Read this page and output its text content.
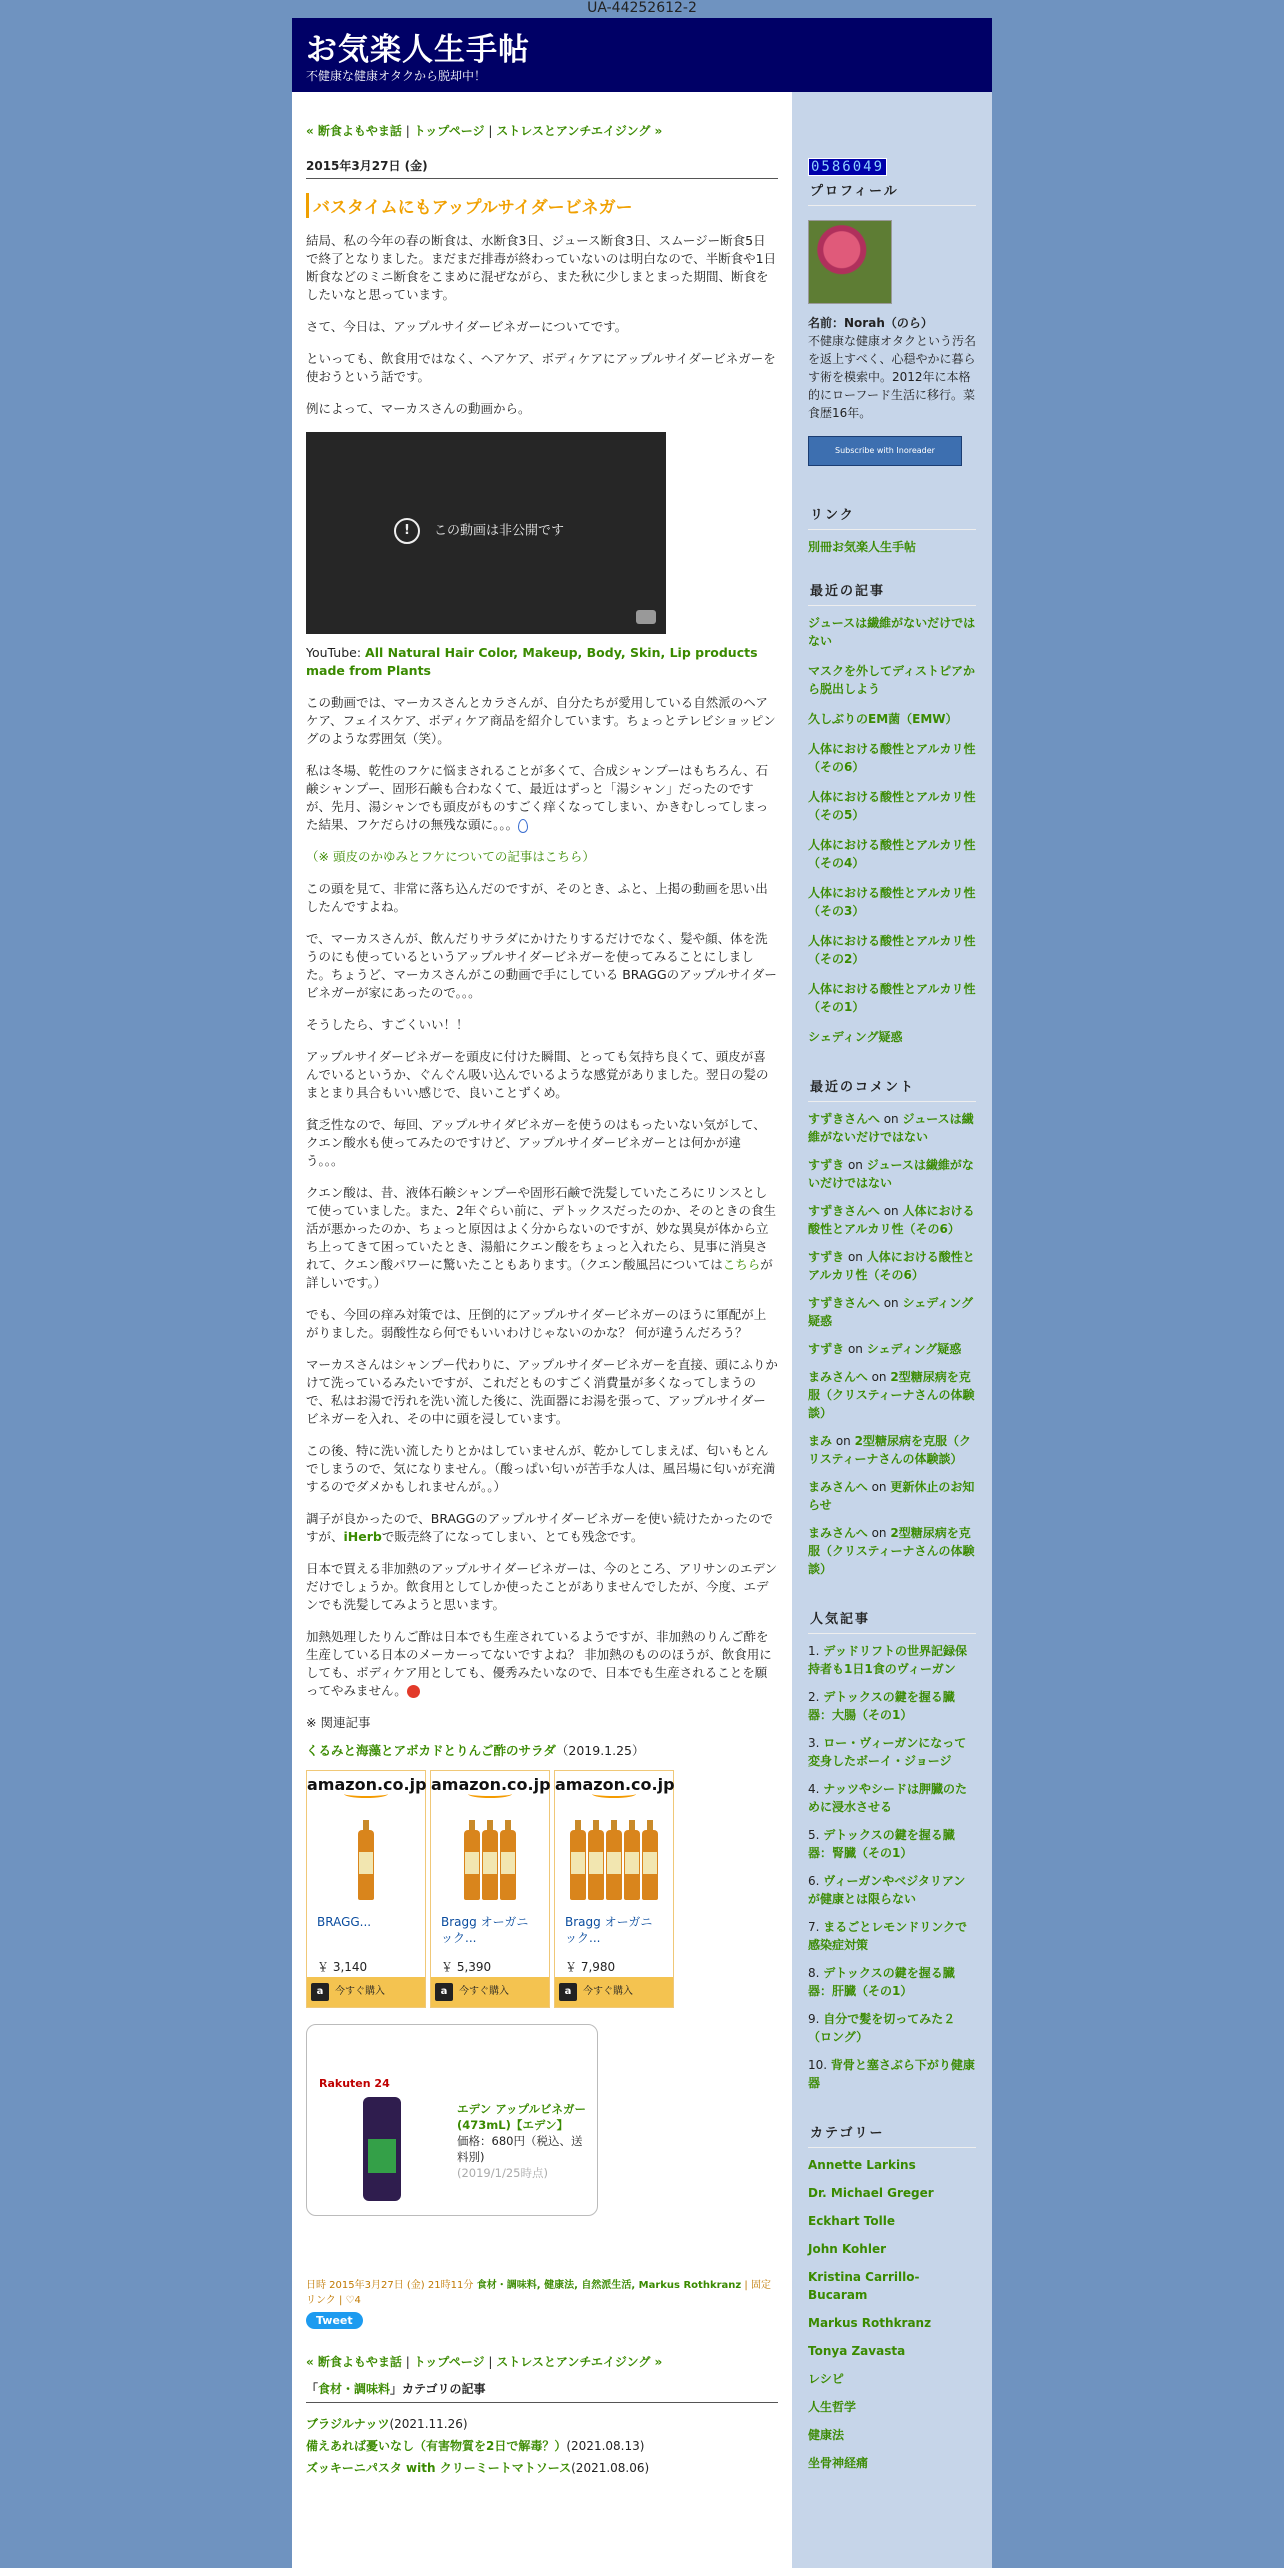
UA-44252612-2
お気楽人生手帖
不健康な健康オタクから脱却中！
« 断食よもやま話 | トップページ | ストレスとアンチエイジング »
2015年3月27日 (金)
バスタイムにもアップルサイダービネガー

結局、私の今年の春の断食は、水断食3日、ジュース断食3日、スムージー断食5日で終了となりました。まだまだ排毒が終わっていないのは明白なので、半断食や1日断食などのミニ断食をこまめに混ぜながら、また秋に少しまとまった期間、断食をしたいなと思っています。

さて、今日は、アップルサイダービネガーについてです。

といっても、飲食用ではなく、ヘアケア、ボディケアにアップルサイダービネガーを使おうという話です。

例によって、マーカスさんの動画から。

! この動画は非公開です

YouTube: All Natural Hair Color, Makeup, Body, Skin, Lip products made from Plants

この動画では、マーカスさんとカラさんが、自分たちが愛用している自然派のヘアケア、フェイスケア、ボディケア商品を紹介しています。ちょっとテレビショッピングのような雰囲気（笑）。

私は冬場、乾性のフケに悩まされることが多くて、合成シャンプーはもちろん、石鹸シャンプー、固形石鹸も合わなくて、最近はずっと「湯シャン」だったのですが、先月、湯シャンでも頭皮がものすごく痒くなってしまい、かきむしってしまった結果、フケだらけの無残な頭に。。。

（※ 頭皮のかゆみとフケについての記事はこちら）

この頭を見て、非常に落ち込んだのですが、そのとき、ふと、上掲の動画を思い出したんですよね。

で、マーカスさんが、飲んだりサラダにかけたりするだけでなく、髪や顔、体を洗うのにも使っているというアップルサイダービネガーを使ってみることにしました。ちょうど、マーカスさんがこの動画で手にしている BRAGGのアップルサイダービネガーが家にあったので。。。

そうしたら、すごくいい！！

アップルサイダービネガーを頭皮に付けた瞬間、とっても気持ち良くて、頭皮が喜んでいるというか、ぐんぐん吸い込んでいるような感覚がありました。翌日の髪のまとまり具合もいい感じで、良いことずくめ。

貧乏性なので、毎回、アップルサイダビネガーを使うのはもったいない気がして、クエン酸水も使ってみたのですけど、アップルサイダービネガーとは何かが違う。。。

クエン酸は、昔、液体石鹸シャンプーや固形石鹸で洗髪していたころにリンスとして使っていました。また、2年ぐらい前に、デトックスだったのか、そのときの食生活が悪かったのか、ちょっと原因はよく分からないのですが、妙な異臭が体から立ち上ってきて困っていたとき、湯船にクエン酸をちょっと入れたら、見事に消臭されて、クエン酸パワーに驚いたこともあります。（クエン酸風呂についてはこちらが詳しいです。）

でも、今回の痒み対策では、圧倒的にアップルサイダービネガーのほうに軍配が上がりました。弱酸性なら何でもいいわけじゃないのかな？ 何が違うんだろう？

マーカスさんはシャンプー代わりに、アップルサイダービネガーを直接、頭にふりかけて洗っているみたいですが、これだとものすごく消費量が多くなってしまうので、私はお湯で汚れを洗い流した後に、洗面器にお湯を張って、アップルサイダービネガーを入れ、その中に頭を浸しています。

この後、特に洗い流したりとかはしていませんが、乾かしてしまえば、匂いもとんでしまうので、気になりません。（酸っぱい匂いが苦手な人は、風呂場に匂いが充満するのでダメかもしれませんが。。）

調子が良かったので、BRAGGのアップルサイダービネガーを使い続けたかったのですが、iHerbで販売終了になってしまい、とても残念です。

日本で買える非加熱のアップルサイダービネガーは、今のところ、アリサンのエデンだけでしょうか。飲食用としてしか使ったことがありませんでしたが、今度、エデンでも洗髪してみようと思います。

加熱処理したりんご酢は日本でも生産されているようですが、非加熱のりんご酢を生産している日本のメーカーってないですよね？ 非加熱のもののほうが、飲食用にしても、ボディケア用としても、優秀みたいなので、日本でも生産されることを願ってやみません。

※ 関連記事

くるみと海藻とアボカドとりんご酢のサラダ（2019.1.25）

amazon.co.jp
BRAGG...
￥ 3,140
a 今すぐ購入
amazon.co.jp
Bragg オーガニック...
￥ 5,390
a 今すぐ購入
amazon.co.jp
Bragg オーガニック...
￥ 7,980
a 今すぐ購入
Rakuten 24
エデン アップルビネガー(473mL)【エデン】
価格：680円（税込、送料別)
(2019/1/25時点)
日時 2015年3月27日 (金) 21時11分 食材・調味料, 健康法, 自然派生活, Markus Rothkranz | 固定リンク | ♡4
Tweet
« 断食よもやま話 | トップページ | ストレスとアンチエイジング »
「食材・調味料」カテゴリの記事
ブラジルナッツ(2021.11.26)
備えあれば憂いなし（有害物質を2日で解毒？）(2021.08.13)
ズッキーニパスタ with クリーミートマトソース(2021.08.06)
0586049
プロフィール
名前：Norah（のら）
不健康な健康オタクという汚名を返上すべく、心穏やかに暮らす術を模索中。2012年に本格的にローフード生活に移行。菜食歴16年。
Subscribe with Inoreader
リンク
別冊お気楽人生手帖
最近の記事
ジュースは繊維がないだけではない
マスクを外してディストピアから脱出しよう
久しぶりのEM菌（EMW）
人体における酸性とアルカリ性（その6）
人体における酸性とアルカリ性（その5）
人体における酸性とアルカリ性（その4）
人体における酸性とアルカリ性（その3）
人体における酸性とアルカリ性（その2）
人体における酸性とアルカリ性（その1）
シェディング疑惑
最近のコメント
すずきさんへ on ジュースは繊維がないだけではない
すずき on ジュースは繊維がないだけではない
すずきさんへ on 人体における酸性とアルカリ性（その6）
すずき on 人体における酸性とアルカリ性（その6）
すずきさんへ on シェディング疑惑
すずき on シェディング疑惑
まみさんへ on 2型糖尿病を克服（クリスティーナさんの体験談）
まみ on 2型糖尿病を克服（クリスティーナさんの体験談）
まみさんへ on 更新休止のお知らせ
まみさんへ on 2型糖尿病を克服（クリスティーナさんの体験談）
人気記事
1. デッドリフトの世界記録保持者も1日1食のヴィーガン
2. デトックスの鍵を握る臓器：大腸（その1）
3. ロー・ヴィーガンになって変身したボーイ・ジョージ
4. ナッツやシードは胛臓のために浸水させる
5. デトックスの鍵を握る臓器：腎臓（その1）
6. ヴィーガンやベジタリアンが健康とは限らない
7. まるごとレモンドリンクで感染症対策
8. デトックスの鍵を握る臓器：肝臓（その1）
9. 自分で髪を切ってみた２（ロング）
10. 背骨と塞さぶら下がり健康器
カテゴリー
Annette Larkins
Dr. Michael Greger
Eckhart Tolle
John Kohler
Kristina Carrillo-Bucaram
Markus Rothkranz
Tonya Zavasta
レシピ
人生哲学
健康法
坐骨神経痛
